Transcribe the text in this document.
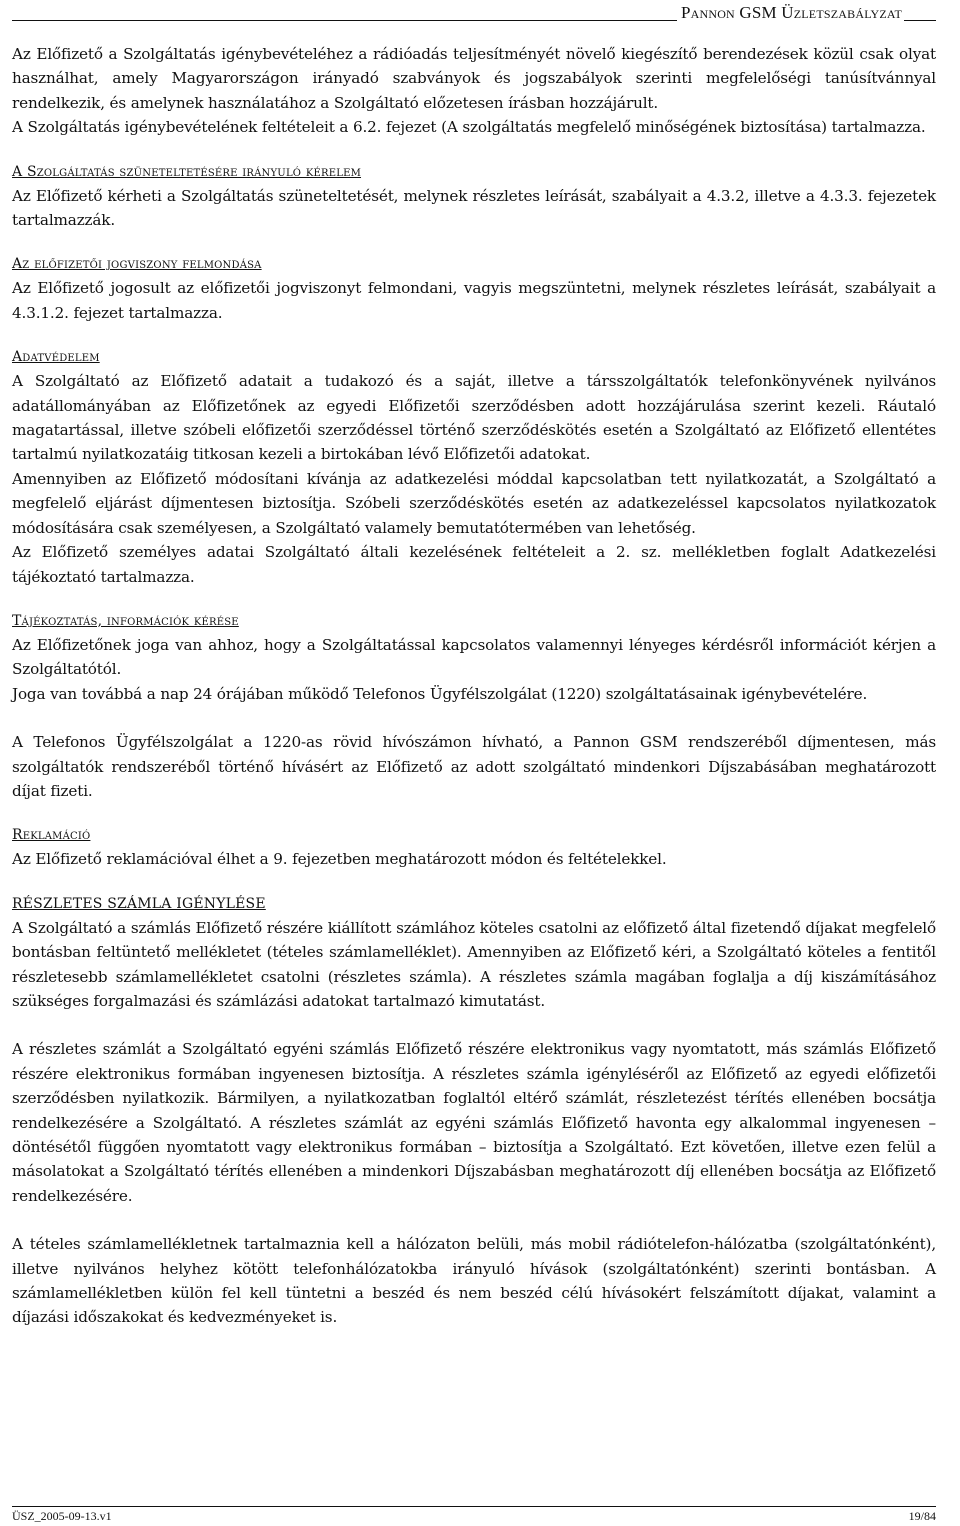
Pannon GSM Üzletszabályzat

Az Előfizető a Szolgáltatás igénybevételéhez a rádióadás teljesítményét növelő kiegészítő berendezések közül csak olyat használhat, amely Magyarországon irányadó szabványok és jogszabályok szerinti megfelelőségi tanúsítvánnyal rendelkezik, és amelynek használatához a Szolgáltató előzetesen írásban hozzájárult.

A Szolgáltatás igénybevételének feltételeit a 6.2. fejezet (A szolgáltatás megfelelő minőségének biztosítása) tartalmazza.

A Szolgáltatás szüneteltetésére irányuló kérelem

Az Előfizető kérheti a Szolgáltatás szüneteltetését, melynek részletes leírását, szabályait a 4.3.2, illetve a 4.3.3. fejezetek tartalmazzák.

Az előfizetői jogviszony felmondása

Az Előfizető jogosult az előfizetői jogviszonyt felmondani, vagyis megszüntetni, melynek részletes leírását, szabályait a 4.3.1.2. fejezet tartalmazza.

Adatvédelem

A Szolgáltató az Előfizető adatait a tudakozó és a saját, illetve a társszolgáltatók telefonkönyvének nyilvános adatállományában az Előfizetőnek az egyedi Előfizetői szerződésben adott hozzájárulása szerint kezeli. Ráutaló magatartással, illetve szóbeli előfizetői szerződéssel történő szerződéskötés esetén a Szolgáltató az Előfizető ellentétes tartalmú nyilatkozatáig titkosan kezeli a birtokában lévő Előfizetői adatokat.

Amennyiben az Előfizető módosítani kívánja az adatkezelési móddal kapcsolatban tett nyilatkozatát, a Szolgáltató a megfelelő eljárást díjmentesen biztosítja. Szóbeli szerződéskötés esetén az adatkezeléssel kapcsolatos nyilatkozatok módosítására csak személyesen, a Szolgáltató valamely bemutatótermében van lehetőség.

Az Előfizető személyes adatai Szolgáltató általi kezelésének feltételeit a 2. sz. mellékletben foglalt Adatkezelési tájékoztató tartalmazza.

Tájékoztatás, információk kérése

Az Előfizetőnek joga van ahhoz, hogy a Szolgáltatással kapcsolatos valamennyi lényeges kérdésről információt kérjen a Szolgáltatótól.

Joga van továbbá a nap 24 órájában működő Telefonos Ügyfélszolgálat (1220) szolgáltatásainak igénybevételére.

A Telefonos Ügyfélszolgálat a 1220-as rövid hívószámon hívható, a Pannon GSM rendszeréből díjmentesen, más szolgáltatók rendszeréből történő hívásért az Előfizető az adott szolgáltató mindenkori Díjszabásában meghatározott díjat fizeti.

Reklamáció

Az Előfizető reklamációval élhet a 9. fejezetben meghatározott módon és feltételekkel.

RÉSZLETES SZÁMLA IGÉNYLÉSE

A Szolgáltató a számlás Előfizető részére kiállított számlához köteles csatolni az előfizető által fizetendő díjakat megfelelő bontásban feltüntető mellékletet (tételes számlamelléklet). Amennyiben az Előfizető kéri, a Szolgáltató köteles a fentitől részletesebb számlamellékletet csatolni (részletes számla). A részletes számla magában foglalja a díj kiszámításához szükséges forgalmazási és számlázási adatokat tartalmazó kimutatást.

A részletes számlát a Szolgáltató egyéni számlás Előfizető részére elektronikus vagy nyomtatott, más számlás Előfizető részére elektronikus formában ingyenesen biztosítja. A részletes számla igényléséről az Előfizető az egyedi előfizetői szerződésben nyilatkozik. Bármilyen, a nyilatkozatban foglaltól eltérő számlát, részletezést térítés ellenében bocsátja rendelkezésére a Szolgáltató. A részletes számlát az egyéni számlás Előfizető havonta egy alkalommal ingyenesen – döntésétől függően nyomtatott vagy elektronikus formában – biztosítja a Szolgáltató. Ezt követően, illetve ezen felül a másolatokat a Szolgáltató térítés ellenében a mindenkori Díjszabásban meghatározott díj ellenében bocsátja az Előfizető rendelkezésére.

A tételes számlamellékletnek tartalmaznia kell a hálózaton belüli, más mobil rádiótelefon-hálózatba (szolgáltatónként), illetve nyilvános helyhez kötött telefonhálózatokba irányuló hívások (szolgáltatónként) szerinti bontásban. A számlamellékletben külön fel kell tüntetni a beszéd és nem beszéd célú hívásokért felszámított díjakat, valamint a díjazási időszakokat és kedvezményeket is.

ÜSZ_2005-09-13.v1	19/84
